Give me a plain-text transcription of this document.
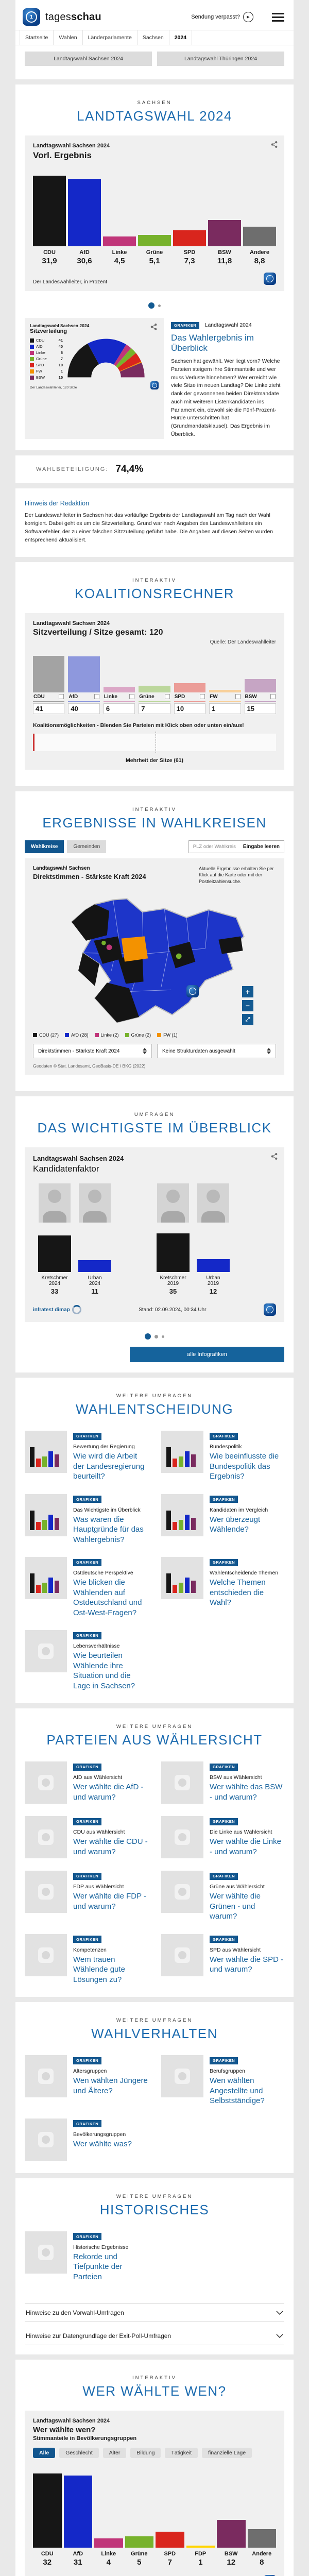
1	tagesschau	Sendung verpasst?	▶
Startseite	Wahlen	Länderparlamente	Sachsen	2024
Landtagswahl Sachsen 2024	Landtagswahl Thüringen 2024
SACHSEN
LANDTAGSWAHL 2024
Landtagswahl Sachsen 2024
Vorl. Ergebnis
CDU
31,9
AfD
30,6
Linke
4,5
Grüne
5,1
SPD
7,3
BSW
11,8
Andere
8,8
Der Landeswahlleiter, in Prozent
Landtagswahl Sachsen 2024
Sitzverteilung
CDU	41
AfD	40
Linke	6
Grüne	7
SPD	10
FW	1
BSW	15
Der Landeswahlleiter, 120 Sitze
GRAFIKEN Landtagswahl 2024
Das Wahlergebnis im Überblick
Sachsen hat gewählt. Wer liegt vorn? Welche Parteien steigern ihre Stimmanteile und wer muss Verluste hinnehmen? Wer erreicht wie viele Sitze im neuen Landtag? Die Linke zieht dank der gewonnenen beiden Direktmandate auch mit weiteren Listenkandidaten ins Parlament ein, obwohl sie die Fünf-Prozent-Hürde unterschritten hat (Grundmandatsklausel). Das Ergebnis im Überblick.
WAHLBETEILIGUNG: 74,4%
Hinweis der Redaktion
Der Landeswahlleiter in Sachsen hat das vorläufige Ergebnis der Landtagswahl am Tag nach der Wahl korrigiert. Dabei geht es um die Sitzverteilung. Grund war nach Angaben des Landeswahlleiters ein Softwarefehler, der zu einer falschen Sitzzuteilung geführt habe. Die Angaben auf diesen Seiten wurden entsprechend aktualisiert.
INTERAKTIV
KOALITIONSRECHNER
Landtagswahl Sachsen 2024
Sitzverteilung / Sitze gesamt: 120
Quelle: Der Landeswahlleiter
CDU
41
AfD
40
Linke
6
Grüne
7
SPD
10
FW
1
BSW
15
Koalitionsmöglichkeiten - Blenden Sie Parteien mit Klick oben oder unten ein/aus!
Mehrheit der Sitze (61)
INTERAKTIV
ERGEBNISSE IN WAHLKREISEN
Wahlkreise	Gemeinden	PLZ oder Wahlkreis Eingabe leeren
Landtagswahl Sachsen
Direktstimmen - Stärkste Kraft 2024
Aktuelle Ergebnisse erhalten Sie per Klick auf die Karte oder mit der Postleitzahlensuche.
+
−
⤢
CDU (27)	AfD (28)	Linke (2)	Grüne (2)	FW (1)
Direktstimmen - Stärkste Kraft 2024	Keine Strukturdaten ausgewählt
Geodaten © Stat. Landesamt, GeoBasis-DE / BKG (2022)
UMFRAGEN
DAS WICHTIGSTE IM ÜBERBLICK
Landtagswahl Sachsen 2024
Kandidatenfaktor
Kretschmer
2024
33
Urban
2024
11
Kretschmer
2019
35
Urban
2019
12
infratest dimap	Stand: 02.09.2024, 00:34 Uhr
alle Infografiken
WEITERE UMFRAGEN
WAHLENTSCHEIDUNG
GRAFIKEN
Bewertung der Regierung
Wie wird die Arbeit der Landesregierung beurteilt?
GRAFIKEN
Bundespolitik
Wie beeinflusste die Bundespolitik das Ergebnis?
GRAFIKEN
Das Wichtigste im Überblick
Was waren die Hauptgründe für das Wahlergebnis?
GRAFIKEN
Kandidaten im Vergleich
Wer überzeugt Wählende?
GRAFIKEN
Ostdeutsche Perspektive
Wie blicken die Wählenden auf Ostdeutschland und Ost-West-Fragen?
GRAFIKEN
Wahlentscheidende Themen
Welche Themen entschieden die Wahl?
GRAFIKEN
Lebensverhältnisse
Wie beurteilen Wählende ihre Situation und die Lage in Sachsen?
WEITERE UMFRAGEN
PARTEIEN AUS WÄHLERSICHT
GRAFIKEN
AfD aus Wählersicht
Wer wählte die AfD - und warum?
GRAFIKEN
BSW aus Wählersicht
Wer wählte das BSW - und warum?
GRAFIKEN
CDU aus Wählersicht
Wer wählte die CDU - und warum?
GRAFIKEN
Die Linke aus Wählersicht
Wer wählte die Linke - und warum?
GRAFIKEN
FDP aus Wählersicht
Wer wählte die FDP - und warum?
GRAFIKEN
Grüne aus Wählersicht
Wer wählte die Grünen - und warum?
GRAFIKEN
Kompetenzen
Wem trauen Wählende gute Lösungen zu?
GRAFIKEN
SPD aus Wählersicht
Wer wählte die SPD - und warum?
WEITERE UMFRAGEN
WAHLVERHALTEN
GRAFIKEN
Altersgruppen
Wen wählten Jüngere und Ältere?
GRAFIKEN
Berufsgruppen
Wen wählten Angestellte und Selbstständige?
GRAFIKEN
Bevölkerungsgruppen
Wer wählte was?
WEITERE UMFRAGEN
HISTORISCHES
GRAFIKEN
Historische Ergebnisse
Rekorde und Tiefpunkte der Parteien
Hinweise zu den Vorwahl-Umfragen
Hinweise zur Datengrundlage der Exit-Poll-Umfragen
INTERAKTIV
WER WÄHLTE WEN?
Landtagswahl Sachsen 2024
Wer wählte wen?
Stimmanteile in Bevölkerungsgruppen
Alle	Geschlecht	Alter	Bildung	Tätigkeit	finanzielle Lage
CDU
32
AfD
31
Linke
4
Grüne
5
SPD
7
FDP
1
BSW
12
Andere
8
